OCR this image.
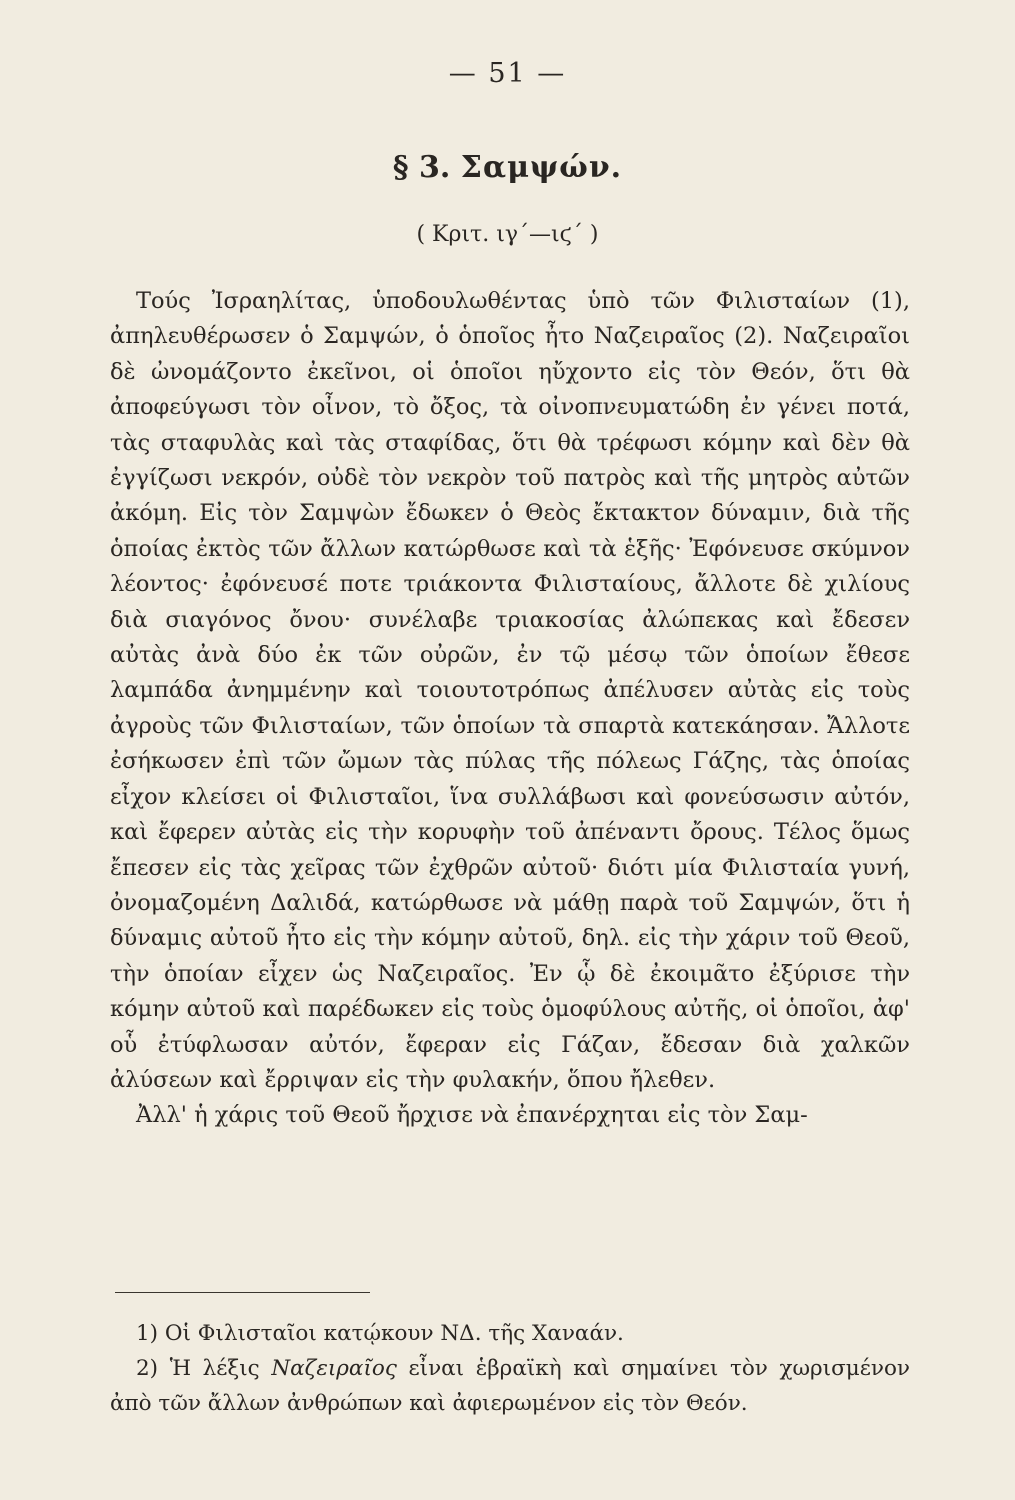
— 51 —
§ 3. Σαμψών.
( Κριτ. ιγ΄—ιϛ΄ )

Τούς Ἰσραηλίτας, ὑποδουλωθέντας ὑπὸ τῶν Φιλισταίων (1), ἀπηλευθέρωσεν ὁ Σαμψών, ὁ ὁποῖος ἦτο Ναζειραῖος (2). Ναζειραῖοι δὲ ὠνομάζοντο ἐκεῖνοι, οἱ ὁποῖοι ηὔχοντο εἰς τὸν Θεόν, ὅτι θὰ ἀποφεύγωσι τὸν οἶνον, τὸ ὄξος, τὰ οἰνοπνευματώδη ἐν γένει ποτά, τὰς σταφυλὰς καὶ τὰς σταφίδας, ὅτι θὰ τρέφωσι κόμην καὶ δὲν θὰ ἐγγίζωσι νεκρόν, οὐδὲ τὸν νεκρὸν τοῦ πατρὸς καὶ τῆς μητρὸς αὐτῶν ἀκόμη. Εἰς τὸν Σαμψὼν ἔδωκεν ὁ Θεὸς ἔκτακτον δύναμιν, διὰ τῆς ὁποίας ἐκτὸς τῶν ἄλλων κατώρθωσε καὶ τὰ ἑξῆς· Ἐφόνευσε σκύμνον λέοντος· ἐφόνευσέ ποτε τριάκοντα Φιλισταίους, ἄλλοτε δὲ χιλίους διὰ σιαγόνος ὄνου· συνέλαβε τριακοσίας ἀλώπεκας καὶ ἔδεσεν αὐτὰς ἀνὰ δύο ἐκ τῶν οὐρῶν, ἐν τῷ μέσῳ τῶν ὁποίων ἔθεσε λαμπάδα ἀνημμένην καὶ τοιουτοτρόπως ἀπέλυσεν αὐτὰς εἰς τοὺς ἀγροὺς τῶν Φιλισταίων, τῶν ὁποίων τὰ σπαρτὰ κατεκάησαν. Ἄλλοτε ἐσήκωσεν ἐπὶ τῶν ὤμων τὰς πύλας τῆς πόλεως Γάζης, τὰς ὁποίας εἶχον κλείσει οἱ Φιλισταῖοι, ἵνα συλλάβωσι καὶ φονεύσωσιν αὐτόν, καὶ ἔφερεν αὐτὰς εἰς τὴν κορυφὴν τοῦ ἀπέναντι ὄρους. Τέλος ὅμως ἔπεσεν εἰς τὰς χεῖρας τῶν ἐχθρῶν αὐτοῦ· διότι μία Φιλισταία γυνή, ὀνομαζομένη Δαλιδά, κατώρθωσε νὰ μάθῃ παρὰ τοῦ Σαμψών, ὅτι ἡ δύναμις αὐτοῦ ἦτο εἰς τὴν κόμην αὐτοῦ, δηλ. εἰς τὴν χάριν τοῦ Θεοῦ, τὴν ὁποίαν εἶχεν ὡς Ναζειραῖος. Ἐν ᾧ δὲ ἐκοιμᾶτο ἐξύρισε τὴν κόμην αὐτοῦ καὶ παρέδωκεν εἰς τοὺς ὁμοφύλους αὐτῆς, οἱ ὁποῖοι, ἀφ' οὗ ἐτύφλωσαν αὐτόν, ἔφεραν εἰς Γάζαν, ἔδεσαν διὰ χαλκῶν ἀλύσεων καὶ ἔρριψαν εἰς τὴν φυλακήν, ὅπου ἤλεθεν.

Ἀλλ' ἡ χάρις τοῦ Θεοῦ ἤρχισε νὰ ἐπανέρχηται εἰς τὸν Σαμ-

1) Οἱ Φιλισταῖοι κατῴκουν ΝΔ. τῆς Χαναάν.

2) Ἡ λέξις Ναζειραῖος εἶναι ἑβραϊκὴ καὶ σημαίνει τὸν χωρισμένον ἀπὸ τῶν ἄλλων ἀνθρώπων καὶ ἀφιερωμένον εἰς τὸν Θεόν.
